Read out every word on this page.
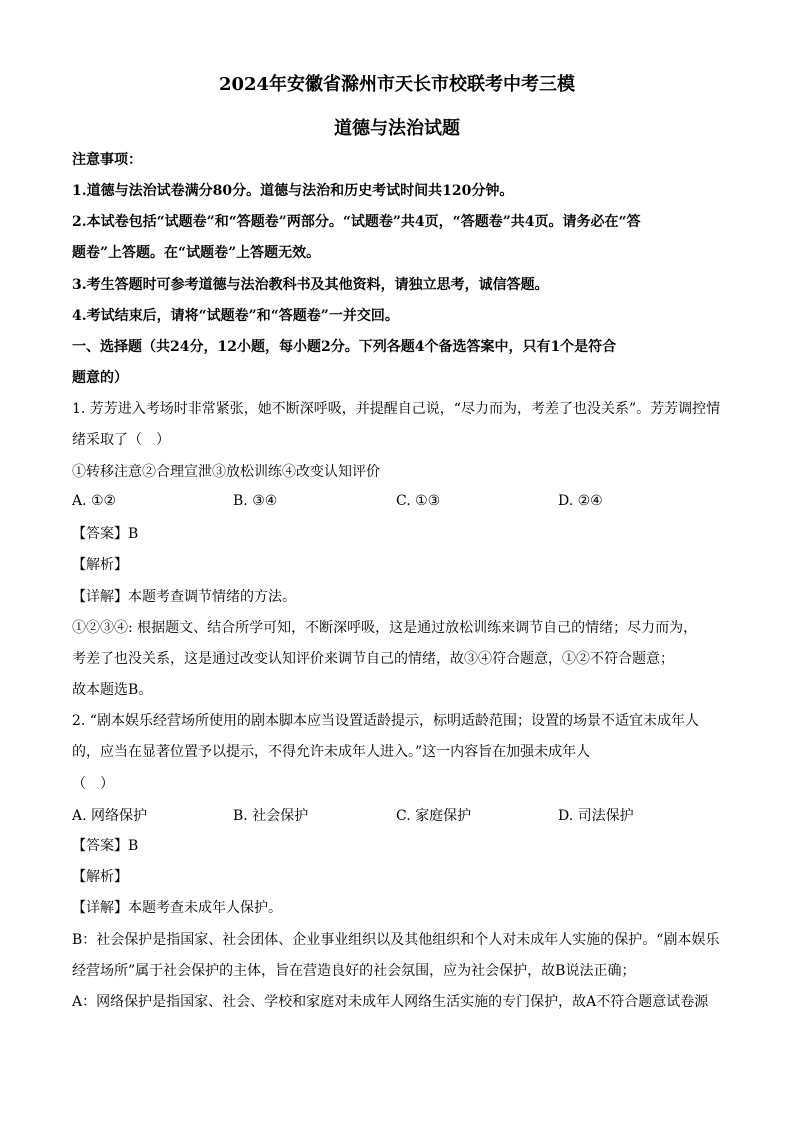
2024年安徽省滁州市天长市校联考中考三模
道德与法治试题
注意事项：
1.道德与法治试卷满分80分。道德与法治和历史考试时间共120分钟。
2.本试卷包括“试题卷”和“答题卷”两部分。“试题卷”共4页，“答题卷”共4页。请务必在“答
题卷”上答题。在“试题卷”上答题无效。
3.考生答题时可参考道德与法治教科书及其他资料，请独立思考，诚信答题。
4.考试结束后，请将“试题卷”和“答题卷”一并交回。
一、选择题（共24分，12小题，每小题2分。下列各题4个备选答案中，只有1个是符合
题意的）
1. 芳芳进入考场时非常紧张，她不断深呼吸，并提醒自己说，“尽力而为，考差了也没关系”。芳芳调控情
绪采取了（　）
①转移注意②合理宣泄③放松训练④改变认知评价
A. ①②	B. ③④	C. ①③	D. ②④
【答案】B
【解析】
【详解】本题考查调节情绪的方法。
①②③④: 根据题文、结合所学可知，不断深呼吸，这是通过放松训练来调节自己的情绪；尽力而为，
考差了也没关系，这是通过改变认知评价来调节自己的情绪，故③④符合题意，①②不符合题意；
故本题选B。
2. “剧本娱乐经营场所使用的剧本脚本应当设置适龄提示，标明适龄范围；设置的场景不适宜未成年人
的，应当在显著位置予以提示，不得允许未成年人进入。”这一内容旨在加强未成年人
（　）
A. 网络保护	B. 社会保护	C. 家庭保护	D. 司法保护
【答案】B
【解析】
【详解】本题考查未成年人保护。
B：社会保护是指国家、社会团体、企业事业组织以及其他组织和个人对未成年人实施的保护。“剧本娱乐
经营场所”属于社会保护的主体，旨在营造良好的社会氛围，应为社会保护，故B说法正确；
A：网络保护是指国家、社会、学校和家庭对未成年人网络生活实施的专门保护，故A不符合题意试卷源
